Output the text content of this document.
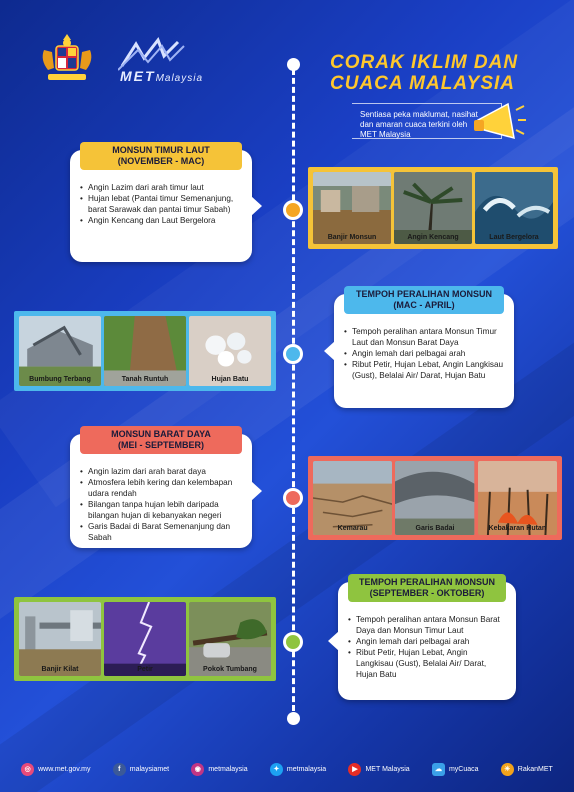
METMalaysia
CORAK IKLIM DAN
CUACA MALAYSIA
Sentiasa peka maklumat, nasihat dan amaran cuaca terkini oleh MET Malaysia
MONSUN TIMUR LAUT
(NOVEMBER - MAC)
• Angin Lazim dari arah timur laut
• Hujan lebat (Pantai timur Semenanjung, barat Sarawak dan pantai timur Sabah)
• Angin Kencang dan Laut Bergelora
Banjir Monsun	Angin Kencang	Laut Bergelora
Bumbung Terbang	Tanah Runtuh	Hujan Batu
TEMPOH PERALIHAN MONSUN
(MAC - APRIL)
• Tempoh peralihan antara Monsun Timur Laut dan Monsun Barat Daya
• Angin lemah dari pelbagai arah
• Ribut Petir, Hujan Lebat, Angin Langkisau (Gust), Belalai Air/ Darat, Hujan Batu
MONSUN BARAT DAYA
(MEI - SEPTEMBER)
• Angin lazim dari arah barat daya
• Atmosfera lebih kering dan kelembapan udara rendah
• Bilangan tanpa hujan lebih daripada bilangan hujan di kebanyakan negeri
• Garis Badai di Barat Semenanjung dan Sabah
Kemarau	Garis Badai	Kebakaran Hutan
Banjir Kilat	Petir	Pokok Tumbang
TEMPOH PERALIHAN MONSUN
(SEPTEMBER - OKTOBER)
• Tempoh peralihan antara Monsun Barat Daya dan Monsun Timur Laut
• Angin lemah dari pelbagai arah
• Ribut Petir, Hujan Lebat, Angin Langkisau (Gust), Belalai Air/ Darat, Hujan Batu
◎	www.met.gov.my	f	malaysiamet	◉	metmalaysia	✦	metmalaysia	▶	MET Malaysia	☁	myCuaca	☀	RakanMET
